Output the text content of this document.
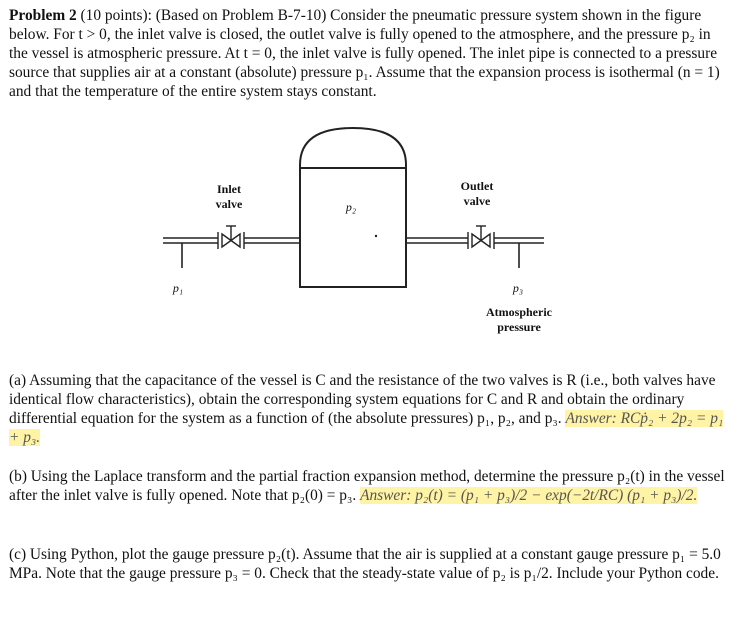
Problem 2 (10 points): (Based on Problem B-7-10) Consider the pneumatic pressure system shown in the figure below. For t > 0, the inlet valve is closed, the outlet valve is fully opened to the atmosphere, and the pressure p₂ in the vessel is atmospheric pressure. At t = 0, the inlet valve is fully opened. The inlet pipe is connected to a pressure source that supplies air at a constant (absolute) pressure p₁. Assume that the expansion process is isothermal (n = 1) and that the temperature of the entire system stays constant.

Inlet
valve
Outlet
valve
p₂
p₁	p₃
Atmospheric
pressure

(a) Assuming that the capacitance of the vessel is C and the resistance of the two valves is R (i.e., both valves have identical flow characteristics), obtain the corresponding system equations for C and R and obtain the ordinary differential equation for the system as a function of (the absolute pressures) p₁, p₂, and p₃. Answer: RCṗ₂ + 2p₂ = p₁ + p₃.

(b) Using the Laplace transform and the partial fraction expansion method, determine the pressure p₂(t) in the vessel after the inlet valve is fully opened. Note that p₂(0) = p₃. Answer: p₂(t) = (p₁ + p₃)/2 − exp(−2t/RC) (p₁ + p₃)/2.

(c) Using Python, plot the gauge pressure p₂(t). Assume that the air is supplied at a constant gauge pressure p₁ = 5.0 MPa. Note that the gauge pressure p₃ = 0. Check that the steady-state value of p₂ is p₁/2. Include your Python code.
